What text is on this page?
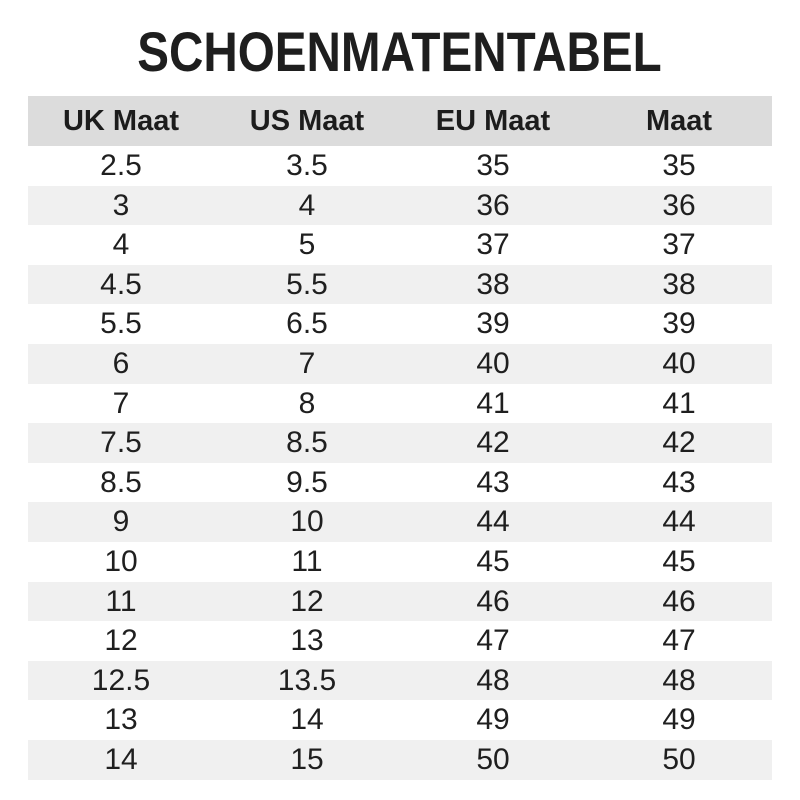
SCHOENMATENTABEL
UK Maat	US Maat	EU Maat	Maat
2.5	3.5	35	35
3	4	36	36
4	5	37	37
4.5	5.5	38	38
5.5	6.5	39	39
6	7	40	40
7	8	41	41
7.5	8.5	42	42
8.5	9.5	43	43
9	10	44	44
10	11	45	45
11	12	46	46
12	13	47	47
12.5	13.5	48	48
13	14	49	49
14	15	50	50
